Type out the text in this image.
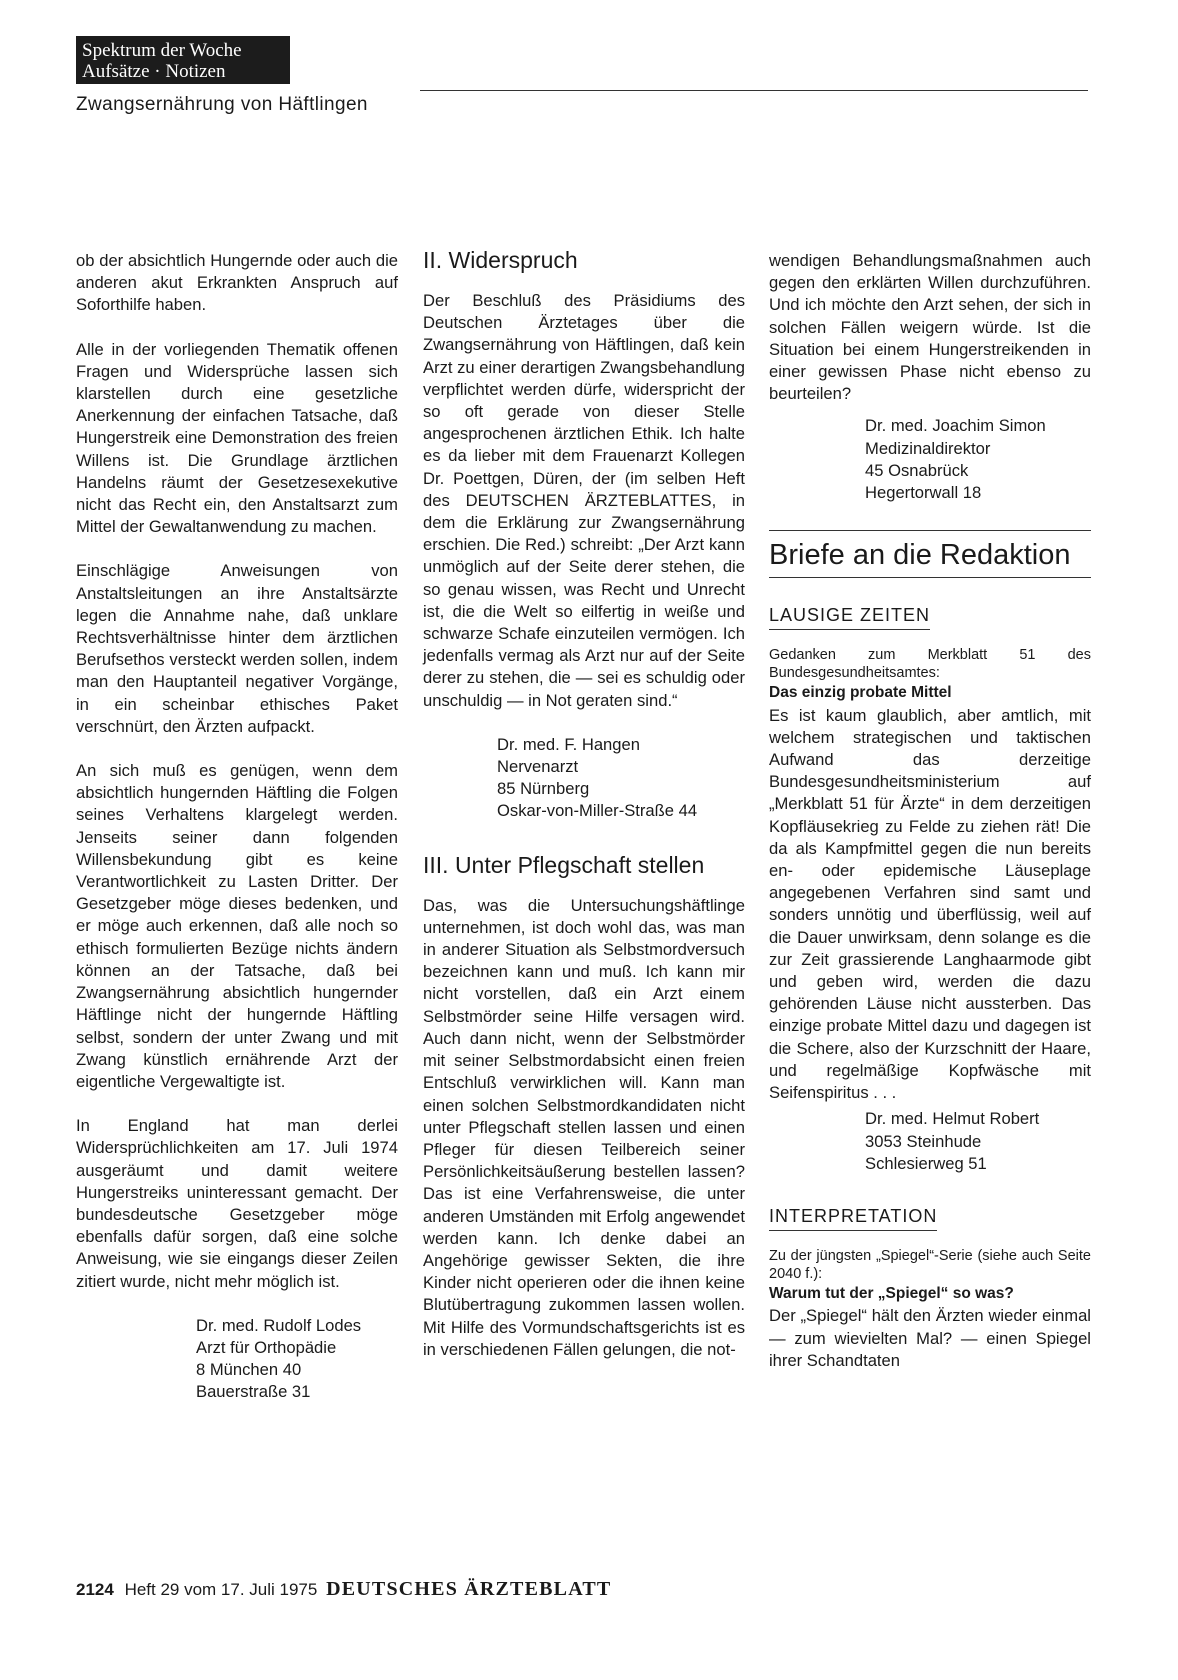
Spektrum der Woche
Aufsätze · Notizen
Zwangsernährung von Häftlingen

ob der absichtlich Hungernde oder auch die anderen akut Erkrankten Anspruch auf Soforthilfe haben.

Alle in der vorliegenden Thematik offenen Fragen und Widersprüche lassen sich klarstellen durch eine gesetzliche Anerkennung der einfachen Tatsache, daß Hungerstreik eine Demonstration des freien Willens ist. Die Grundlage ärztlichen Handelns räumt der Gesetzesexekutive nicht das Recht ein, den Anstaltsarzt zum Mittel der Gewaltanwendung zu machen.

Einschlägige Anweisungen von Anstaltsleitungen an ihre Anstaltsärzte legen die Annahme nahe, daß unklare Rechtsverhältnisse hinter dem ärztlichen Berufsethos versteckt werden sollen, indem man den Hauptanteil negativer Vorgänge, in ein scheinbar ethisches Paket verschnürt, den Ärzten aufpackt.

An sich muß es genügen, wenn dem absichtlich hungernden Häftling die Folgen seines Verhaltens klargelegt werden. Jenseits seiner dann folgenden Willensbekundung gibt es keine Verantwortlichkeit zu Lasten Dritter. Der Gesetzgeber möge dieses bedenken, und er möge auch erkennen, daß alle noch so ethisch formulierten Bezüge nichts ändern können an der Tatsache, daß bei Zwangsernährung absichtlich hungernder Häftlinge nicht der hungernde Häftling selbst, sondern der unter Zwang und mit Zwang künstlich ernährende Arzt der eigentliche Vergewaltigte ist.

In England hat man derlei Widersprüchlichkeiten am 17. Juli 1974 ausgeräumt und damit weitere Hungerstreiks uninteressant gemacht. Der bundesdeutsche Gesetzgeber möge ebenfalls dafür sorgen, daß eine solche Anweisung, wie sie eingangs dieser Zeilen zitiert wurde, nicht mehr möglich ist.

Dr. med. Rudolf Lodes
Arzt für Orthopädie
8 München 40
Bauerstraße 31
II. Widerspruch

Der Beschluß des Präsidiums des Deutschen Ärztetages über die Zwangsernährung von Häftlingen, daß kein Arzt zu einer derartigen Zwangsbehandlung verpflichtet werden dürfe, widerspricht der so oft gerade von dieser Stelle angesprochenen ärztlichen Ethik. Ich halte es da lieber mit dem Frauenarzt Kollegen Dr. Poettgen, Düren, der (im selben Heft des DEUTSCHEN ÄRZTEBLATTES, in dem die Erklärung zur Zwangsernährung erschien. Die Red.) schreibt: „Der Arzt kann unmöglich auf der Seite derer stehen, die so genau wissen, was Recht und Unrecht ist, die die Welt so eilfertig in weiße und schwarze Schafe einzuteilen vermögen. Ich jedenfalls vermag als Arzt nur auf der Seite derer zu stehen, die — sei es schuldig oder unschuldig — in Not geraten sind.“

Dr. med. F. Hangen
Nervenarzt
85 Nürnberg
Oskar-von-Miller-Straße 44
III. Unter Pflegschaft stellen

Das, was die Untersuchungshäftlinge unternehmen, ist doch wohl das, was man in anderer Situation als Selbstmordversuch bezeichnen kann und muß. Ich kann mir nicht vorstellen, daß ein Arzt einem Selbstmörder seine Hilfe versagen wird. Auch dann nicht, wenn der Selbstmörder mit seiner Selbstmordabsicht einen freien Entschluß verwirklichen will. Kann man einen solchen Selbstmordkandidaten nicht unter Pflegschaft stellen lassen und einen Pfleger für diesen Teilbereich seiner Persönlichkeitsäußerung bestellen lassen? Das ist eine Verfahrensweise, die unter anderen Umständen mit Erfolg angewendet werden kann. Ich denke dabei an Angehörige gewisser Sekten, die ihre Kinder nicht operieren oder die ihnen keine Blutübertragung zukommen lassen wollen. Mit Hilfe des Vormundschaftsgerichts ist es in verschiedenen Fällen gelungen, die not-

wendigen Behandlungsmaßnahmen auch gegen den erklärten Willen durchzuführen. Und ich möchte den Arzt sehen, der sich in solchen Fällen weigern würde. Ist die Situation bei einem Hungerstreikenden in einer gewissen Phase nicht ebenso zu beurteilen?

Dr. med. Joachim Simon
Medizinaldirektor
45 Osnabrück
Hegertorwall 18
Briefe an die Redaktion
LAUSIGE ZEITEN

Gedanken zum Merkblatt 51 des Bundesgesundheitsamtes:

Das einzig probate Mittel

Es ist kaum glaublich, aber amtlich, mit welchem strategischen und taktischen Aufwand das derzeitige Bundesgesundheitsministerium auf „Merkblatt 51 für Ärzte“ in dem derzeitigen Kopfläusekrieg zu Felde zu ziehen rät! Die da als Kampfmittel gegen die nun bereits en- oder epidemische Läuseplage angegebenen Verfahren sind samt und sonders unnötig und überflüssig, weil auf die Dauer unwirksam, denn solange es die zur Zeit grassierende Langhaarmode gibt und geben wird, werden die dazu gehörenden Läuse nicht aussterben. Das einzige probate Mittel dazu und dagegen ist die Schere, also der Kurzschnitt der Haare, und regelmäßige Kopfwäsche mit Seifenspiritus . . .

Dr. med. Helmut Robert
3053 Steinhude
Schlesierweg 51
INTERPRETATION

Zu der jüngsten „Spiegel“-Serie (siehe auch Seite 2040 f.):

Warum tut der „Spiegel“ so was?

Der „Spiegel“ hält den Ärzten wieder einmal — zum wievielten Mal? — einen Spiegel ihrer Schandtaten

2124 Heft 29 vom 17. Juli 1975 DEUTSCHES ÄRZTEBLATT
